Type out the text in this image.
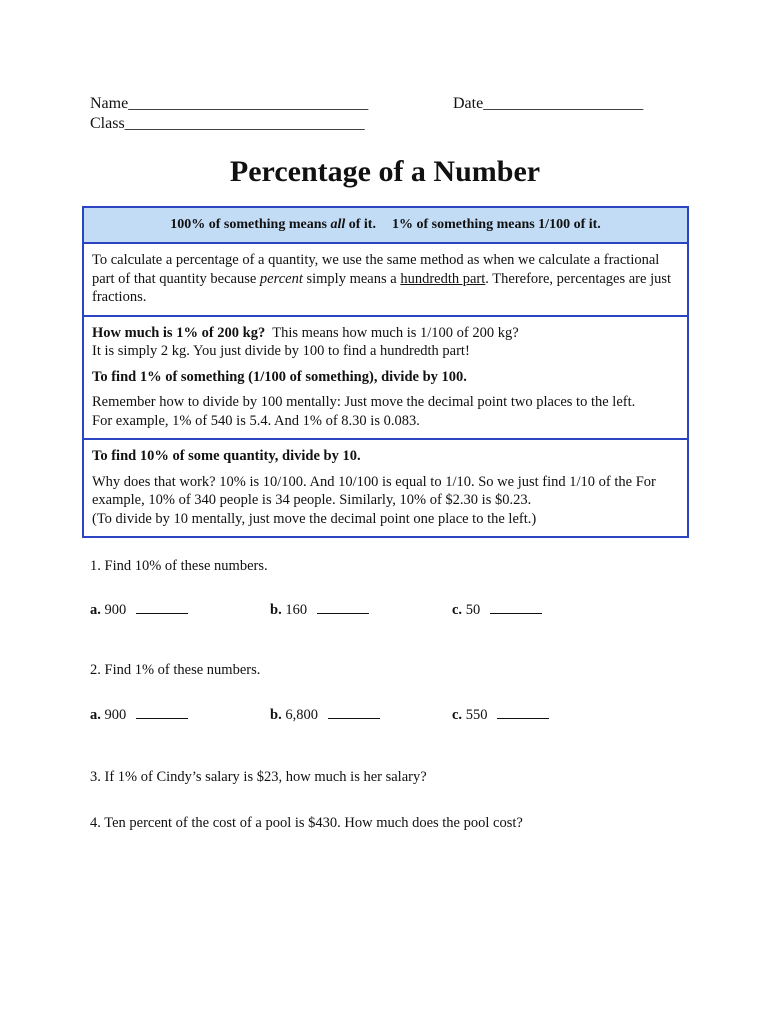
Name______________________________
Class______________________________
Date____________________
Percentage of a Number
100% of something means all of it. 1% of something means 1/100 of it.

To calculate a percentage of a quantity, we use the same method as when we calculate a fractional part of that quantity because percent simply means a hundredth part. Therefore, percentages are just fractions.

How much is 1% of 200 kg? This means how much is 1/100 of 200 kg?

It is simply 2 kg. You just divide by 100 to find a hundredth part!

To find 1% of something (1/100 of something), divide by 100.

Remember how to divide by 100 mentally: Just move the decimal point two places to the left.

For example, 1% of 540 is 5.4. And 1% of 8.30 is 0.083.

To find 10% of some quantity, divide by 10.

Why does that work? 10% is 10/100. And 10/100 is equal to 1/10. So we just find 1/10 of the For example, 10% of 340 people is 34 people. Similarly, 10% of $2.30 is $0.23.

(To divide by 10 mentally, just move the decimal point one place to the left.)

1. Find 10% of these numbers.
a. 900	b. 160	c. 50
2. Find 1% of these numbers.
a. 900	b. 6,800	c. 550
3. If 1% of Cindy’s salary is $23, how much is her salary?
4. Ten percent of the cost of a pool is $430. How much does the pool cost?
